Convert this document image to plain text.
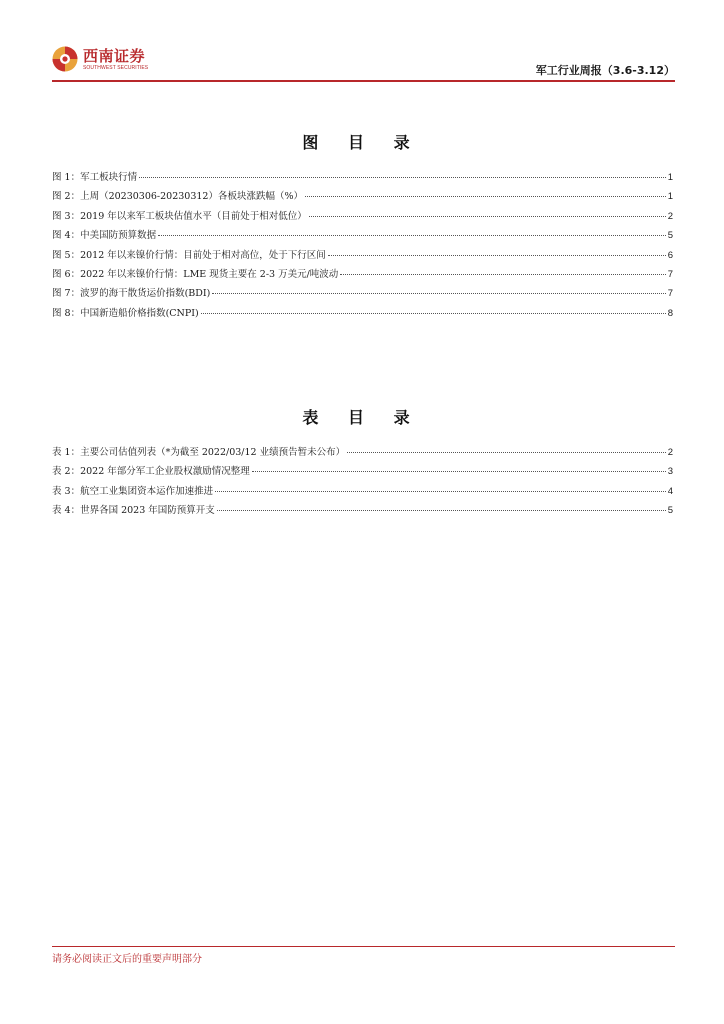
西南证券
SOUTHWEST SECURITIES	军工行业周报（3.6-3.12）
图 目 录
图 1：军工板块行情	1
图 2：上周（20230306-20230312）各板块涨跌幅（%）	1
图 3：2019 年以来军工板块估值水平（目前处于相对低位）	2
图 4：中美国防预算数据	5
图 5：2012 年以来镍价行情：目前处于相对高位，处于下行区间	6
图 6：2022 年以来镍价行情：LME 现货主要在 2-3 万美元/吨波动	7
图 7：波罗的海干散货运价指数(BDI)	7
图 8：中国新造船价格指数(CNPI)	8
表 目 录
表 1：主要公司估值列表（*为截至 2022/03/12 业绩预告暂未公布）	2
表 2：2022 年部分军工企业股权激励情况整理	3
表 3：航空工业集团资本运作加速推进	4
表 4：世界各国 2023 年国防预算开支	5
请务必阅读正文后的重要声明部分
